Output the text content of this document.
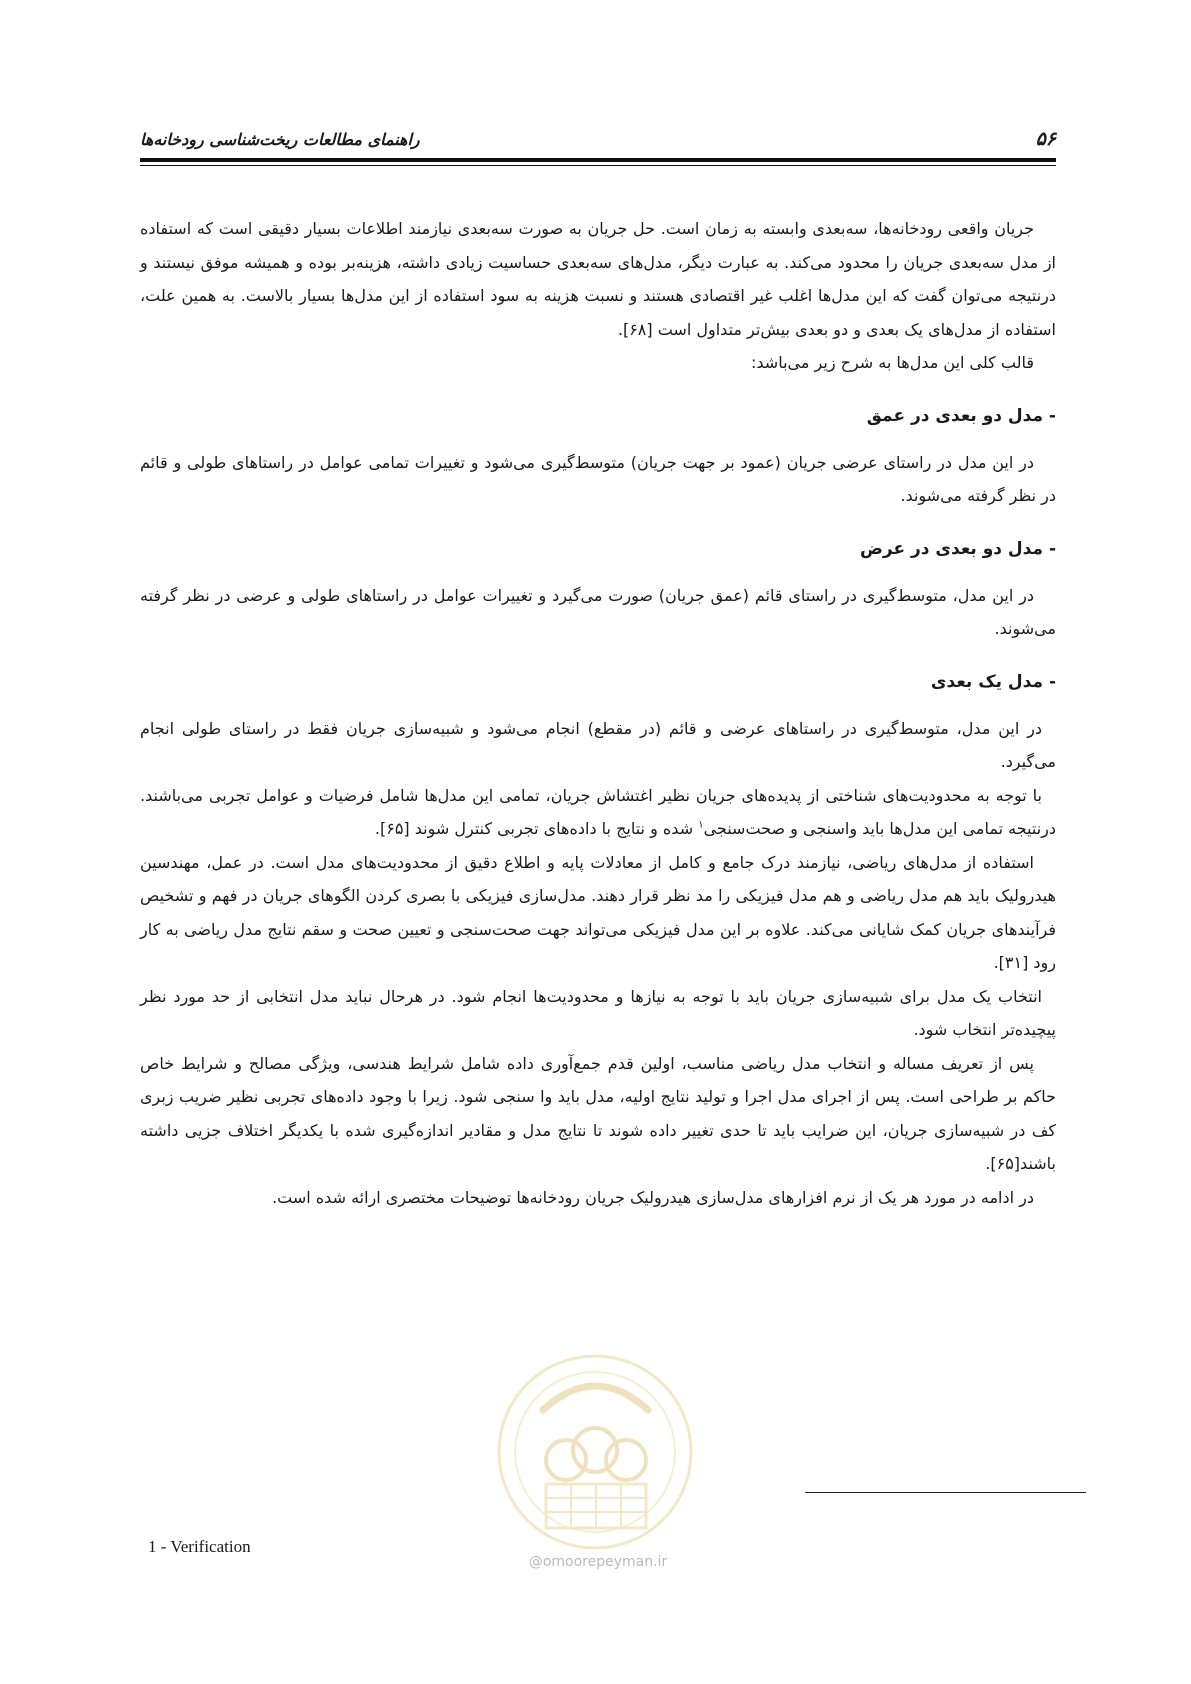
۵۶
راهنمای مطالعات ریخت‌شناسی رودخانه‌ها

جریان واقعی رودخانه‌ها، سه‌بعدی وابسته به زمان است. حل جریان به صورت سه‌بعدی نیازمند اطلاعات بسیار دقیقی است که استفاده از مدل سه‌بعدی جریان را محدود می‌کند. به عبارت دیگر، مدل‌های سه‌بعدی حساسیت زیادی داشته، هزینه‌بر بوده و همیشه موفق نیستند و درنتیجه می‌توان گفت که این مدل‌ها اغلب غیر اقتصادی هستند و نسبت هزینه به سود استفاده از این مدل‌ها بسیار بالاست. به همین علت، استفاده از مدل‌های یک بعدی و دو بعدی بیش‌تر متداول است [۶۸].

قالب کلی این مدل‌ها به شرح زیر می‌باشد:

- مدل دو بعدی در عمق

در این مدل در راستای عرضی جریان (عمود بر جهت جریان) متوسط‌گیری می‌شود و تغییرات تمامی عوامل در راستاهای طولی و قائم در نظر گرفته می‌شوند.

- مدل دو بعدی در عرض

در این مدل، متوسط‌گیری در راستای قائم (عمق جریان) صورت می‌گیرد و تغییرات عوامل در راستاهای طولی و عرضی در نظر گرفته می‌شوند.

- مدل یک بعدی

در این مدل، متوسط‌گیری در راستاهای عرضی و قائم (در مقطع) انجام می‌شود و شبیه‌سازی جریان فقط در راستای طولی انجام می‌گیرد.

با توجه به محدودیت‌های شناختی از پدیده‌های جریان نظیر اغتشاش جریان، تمامی این مدل‌ها شامل فرضیات و عوامل تجربی می‌باشند. درنتیجه تمامی این مدل‌ها باید واسنجی و صحت‌سنجی$^۱$ شده و نتایج با داده‌های تجربی کنترل شوند [۶۵].

استفاده از مدل‌های ریاضی، نیازمند درک جامع و کامل از معادلات پایه و اطلاع دقیق از محدودیت‌های مدل است. در عمل، مهندسین هیدرولیک باید هم مدل ریاضی و هم مدل فیزیکی را مد نظر قرار دهند. مدل‌سازی فیزیکی با بصری کردن الگوهای جریان در فهم و تشخیص فرآیندهای جریان کمک شایانی می‌کند. علاوه بر این مدل فیزیکی می‌تواند جهت صحت‌سنجی و تعیین صحت و سقم نتایج مدل ریاضی به کار رود [۳۱].

انتخاب یک مدل برای شبیه‌سازی جریان باید با توجه به نیازها و محدودیت‌ها انجام شود. در هرحال نباید مدل انتخابی از حد مورد نظر پیچیده‌تر انتخاب شود.

پس از تعریف مساله و انتخاب مدل ریاضی مناسب، اولین قدم جمع‌آوری داده شامل شرایط هندسی، ویژگی مصالح و شرایط خاص حاکم بر طراحی است. پس از اجرای مدل اجرا و تولید نتایج اولیه، مدل باید وا سنجی شود. زیرا با وجود داده‌های تجربی نظیر ضریب زبری کف در شبیه‌سازی جریان، این ضرایب باید تا حدی تغییر داده شوند تا نتایج مدل و مقادیر اندازه‌گیری شده با یکدیگر اختلاف جزیی داشته باشند[۶۵].

در ادامه در مورد هر یک از نرم افزارهای مدل‌سازی هیدرولیک جریان رودخانه‌ها توضیحات مختصری ارائه شده است.

1 - Verification
@omoorepeyman.ir
